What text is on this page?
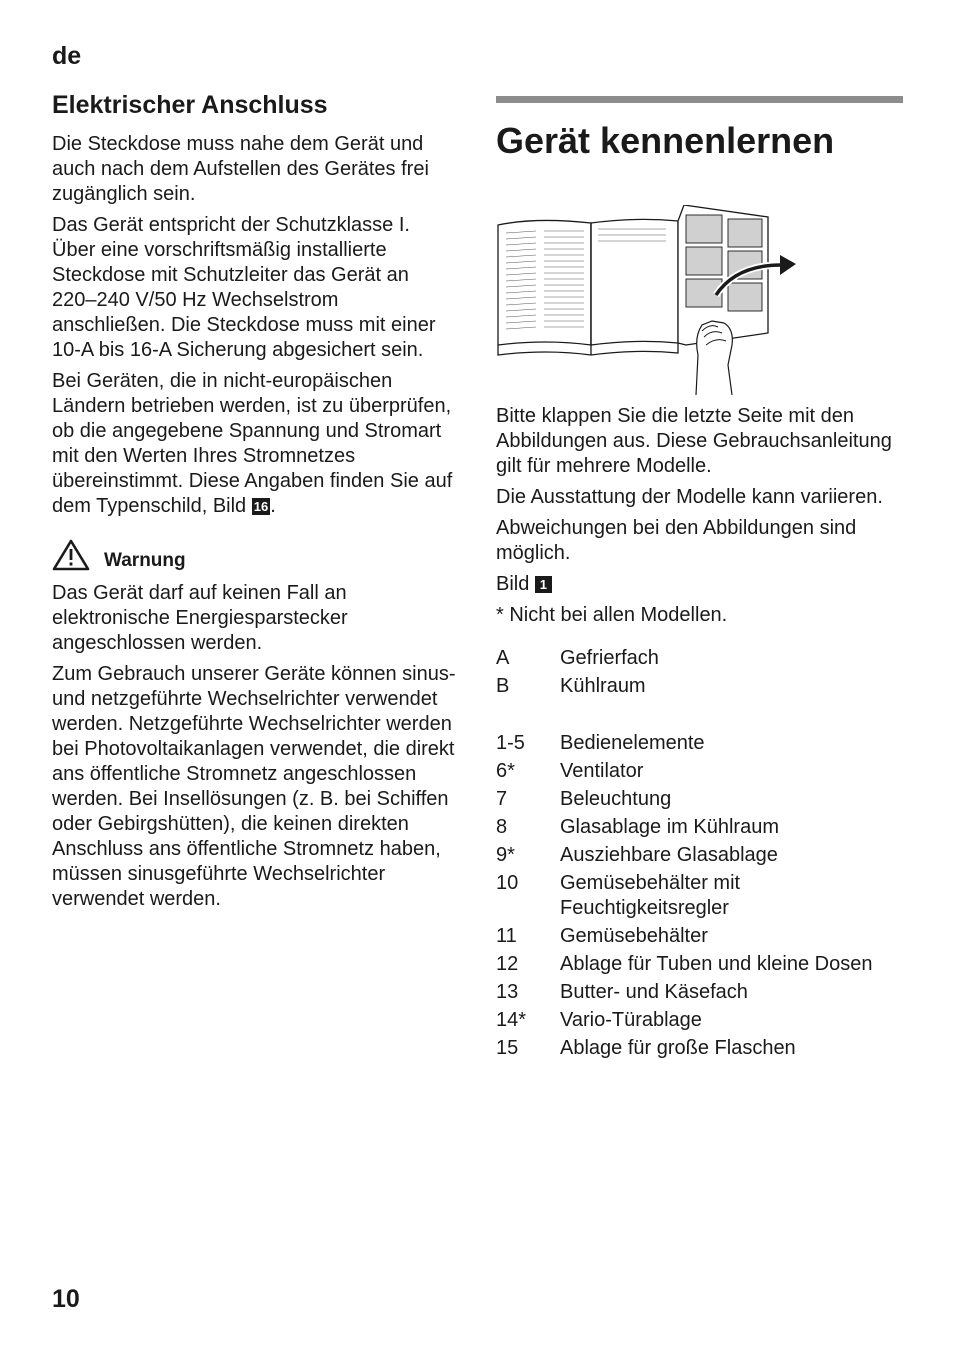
de
Elektrischer Anschluss

Die Steckdose muss nahe dem Gerät und auch nach dem Aufstellen des Gerätes frei zugänglich sein.

Das Gerät entspricht der Schutzklasse I. Über eine vorschriftsmäßig installierte Steckdose mit Schutzleiter das Gerät an 220–240 V/50 Hz Wechselstrom anschließen. Die Steckdose muss mit einer 10-A bis 16-A Sicherung abgesichert sein.

Bei Geräten, die in nicht-europäischen Ländern betrieben werden, ist zu überprüfen, ob die angegebene Spannung und Stromart mit den Werten Ihres Stromnetzes übereinstimmt. Diese Angaben finden Sie auf dem Typenschild, Bild 16 .

Warnung

Das Gerät darf auf keinen Fall an elektronische Energiesparstecker angeschlossen werden.

Zum Gebrauch unserer Geräte können sinus- und netzgeführte Wechselrichter verwendet werden. Netzgeführte Wechselrichter werden bei Photovoltaikanlagen verwendet, die direkt ans öffentliche Stromnetz angeschlossen werden. Bei Insellösungen (z. B. bei Schiffen oder Gebirgshütten), die keinen direkten Anschluss ans öffentliche Stromnetz haben, müssen sinusgeführte Wechselrichter verwendet werden.

Gerät kennenlernen

Bitte klappen Sie die letzte Seite mit den Abbildungen aus. Diese Gebrauchsanleitung gilt für mehrere Modelle.

Die Ausstattung der Modelle kann variieren.

Abweichungen bei den Abbildungen sind möglich.

Bild 1

* Nicht bei allen Modellen.

A	Gefrierfach
B	Kühlraum
1-5	Bedienelemente
6*	Ventilator
7	Beleuchtung
8	Glasablage im Kühlraum
9*	Ausziehbare Glasablage
10	Gemüsebehälter mit Feuchtigkeitsregler
11	Gemüsebehälter
12	Ablage für Tuben und kleine Dosen
13	Butter- und Käsefach
14*	Vario-Türablage
15	Ablage für große Flaschen
10
